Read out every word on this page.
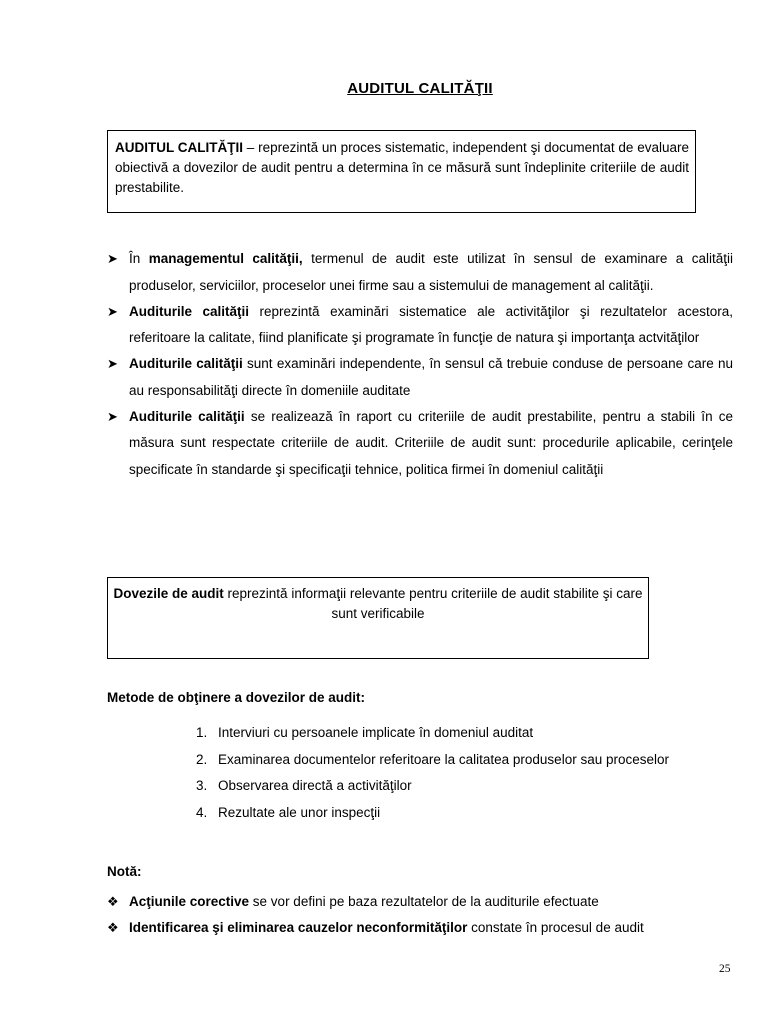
AUDITUL CALITĂŢII
AUDITUL CALITĂŢII – reprezintă un proces sistematic, independent şi documentat de evaluare obiectivă a dovezilor de audit pentru a determina în ce măsură sunt îndeplinite criteriile de audit prestabilite.
➤ În managementul calităţii, termenul de audit este utilizat în sensul de examinare a calităţii produselor, serviciilor, proceselor unei firme sau a sistemului de management al calităţii.
➤ Auditurile calităţii reprezintă examinări sistematice ale activităţilor şi rezultatelor acestora, referitoare la calitate, fiind planificate şi programate în funcţie de natura şi importanţa actvităţilor
➤ Auditurile calităţii sunt examinări independente, în sensul că trebuie conduse de persoane care nu au responsabilităţi directe în domeniile auditate
➤ Auditurile calităţii se realizează în raport cu criteriile de audit prestabilite, pentru a stabili în ce măsura sunt respectate criteriile de audit. Criteriile de audit sunt: procedurile aplicabile, cerinţele specificate în standarde şi specificaţii tehnice, politica firmei în domeniul calităţii
Dovezile de audit reprezintă informaţii relevante pentru criteriile de audit stabilite şi care sunt verificabile
Metode de obţinere a dovezilor de audit:
1. Interviuri cu persoanele implicate în domeniul auditat
2. Examinarea documentelor referitoare la calitatea produselor sau proceselor
3. Observarea directă a activităţilor
4. Rezultate ale unor inspecţii
Notă:
❖ Acţiunile corective se vor defini pe baza rezultatelor de la auditurile efectuate
❖ Identificarea şi eliminarea cauzelor neconformităţilor constate în procesul de audit
25
